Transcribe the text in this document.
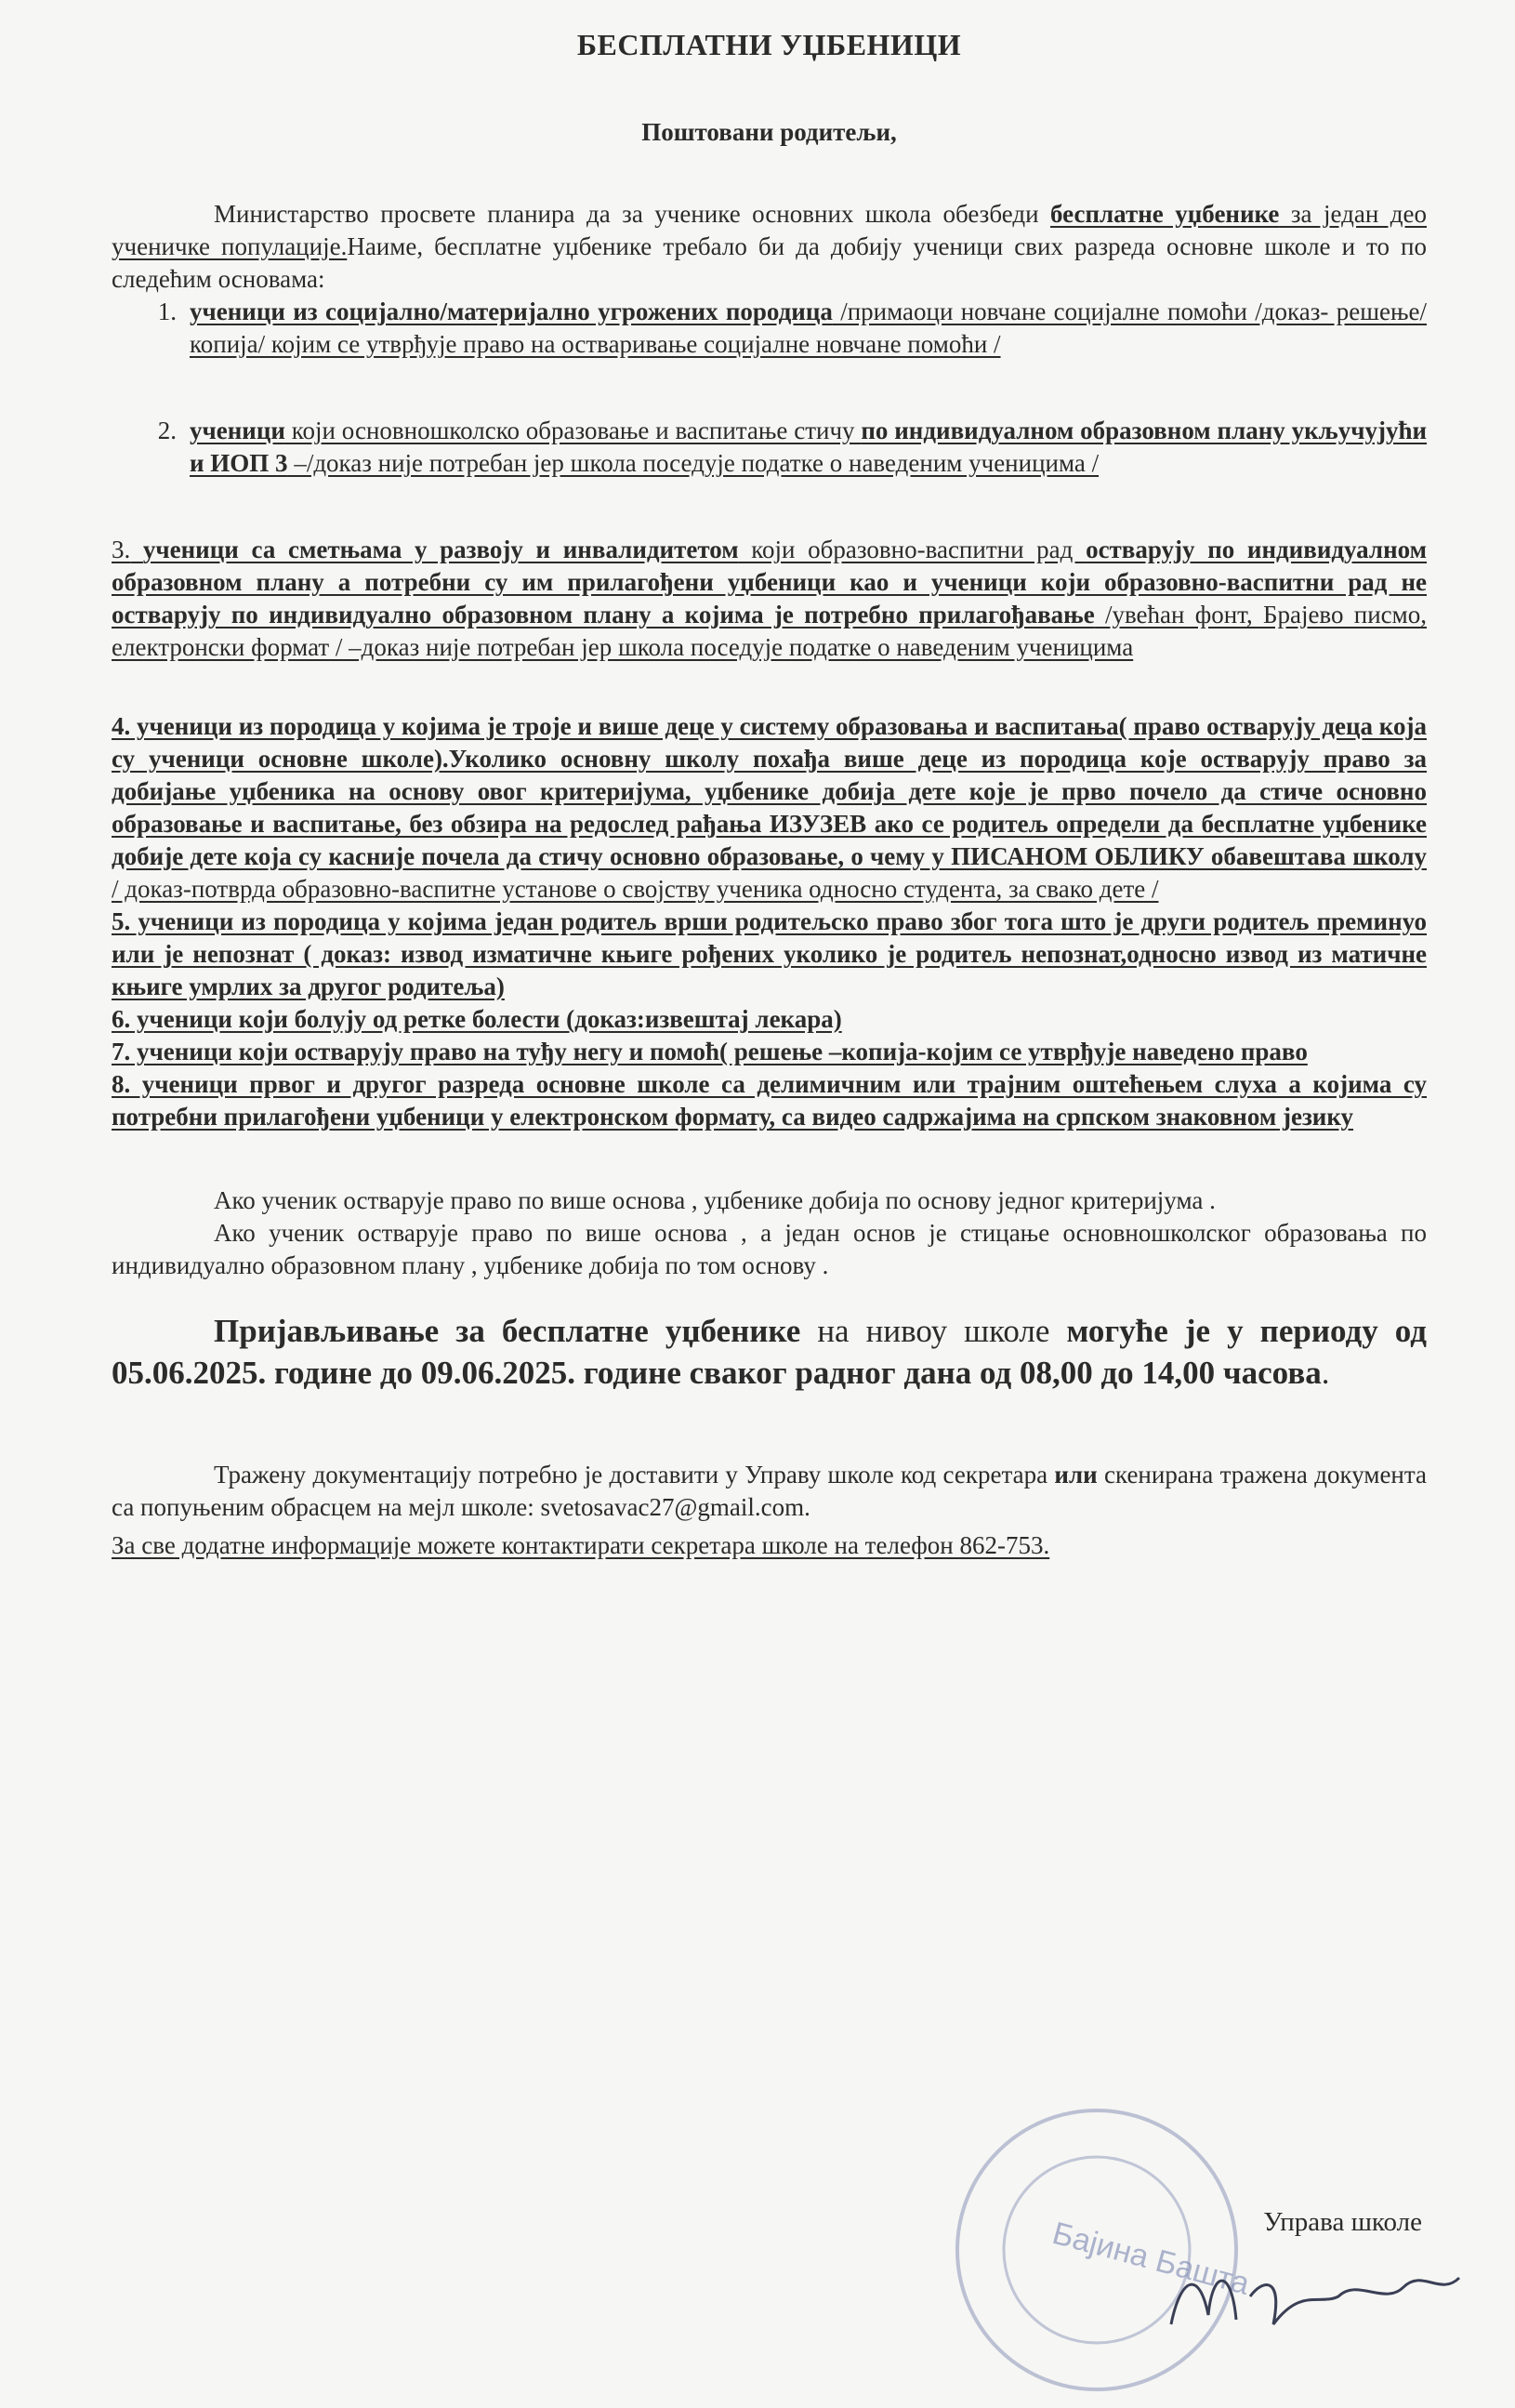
БЕСПЛАТНИ УЏБЕНИЦИ
Поштовани родитељи,

Министарство просвете планира да за ученике основних школа обезбеди бесплатне уџбенике за један део ученичке популације.Наиме, бесплатне уџбенике требало би да добију ученици свих разреда основне школе и то по следећим основама:

1. ученици из социјално/материјално угрожених породица /примаоци новчане социјалне помоћи /доказ- решење/копија/ којим се утврђује право на остваривање социјалне новчане помоћи /
2. ученици који основношколско образовање и васпитање стичу по индивидуалном образовном плану укључујући и ИОП 3 –/доказ није потребан јер школа поседује податке о наведеним ученицима /
3. ученици са сметњама у развоју и инвалидитетом који образовно-васпитни рад остварују по индивидуалном образовном плану а потребни су им прилагођени уџбеници као и ученици који образовно-васпитни рад не остварују по индивидуално образовном плану а којима је потребно прилагођавање /увећан фонт, Брајево писмо, електронски формат / –доказ није потребан јер школа поседује податке о наведеним ученицима
4. ученици из породица у којима је троје и више деце у систему образовања и васпитања( право остварују деца која су ученици основне школе).Уколико основну школу похађа више деце из породица које остварују право за добијање уџбеника на основу овог критеријума, уџбенике добија дете које је прво почело да стиче основно образовање и васпитање, без обзира на редослед рађања ИЗУЗЕВ ако се родитељ определи да бесплатне уџбенике добије дете која су касније почела да стичу основно образовање, о чему у ПИСАНОМ ОБЛИКУ обавештава школу / доказ-потврда образовно-васпитне установе о својству ученика односно студента, за свако дете /
5. ученици из породица у којима један родитељ врши родитељско право због тога што је други родитељ преминуо или је непознат ( доказ: извод изматичне књиге рођених уколико је родитељ непознат,односно извод из матичне књиге умрлих за другог родитеља)
6. ученици који болују од ретке болести (доказ:извештај лекара)
7. ученици који остварују право на туђу негу и помоћ( решење –копија-којим се утврђује наведено право
8. ученици првог и другог разреда основне школе са делимичним или трајним оштећењем слуха а којима су потребни прилагођени уџбеници у електронском формату, са видео садржајима на српском знаковном језику

Ако ученик остварује право по више основа , уџбенике добија по основу једног критеријума .

Ако ученик остварује право по више основа , а један основ је стицање основношколског образовања по индивидуално образовном плану , уџбенике добија по том основу .

Пријављивање за бесплатне уџбенике на нивоу школе могуће је у периоду од 05.06.2025. године до 09.06.2025. године сваког радног дана од 08,00 до 14,00 часова.

Тражену документацију потребно је доставити у Управу школе код секретара или скенирана тражена документа са попуњеним обрасцем на мејл школе: svetosavac27@gmail.com.

За све додатне информације можете контактирати секретара школе на телефон 862-753.

Бајина Башта Управа школе
